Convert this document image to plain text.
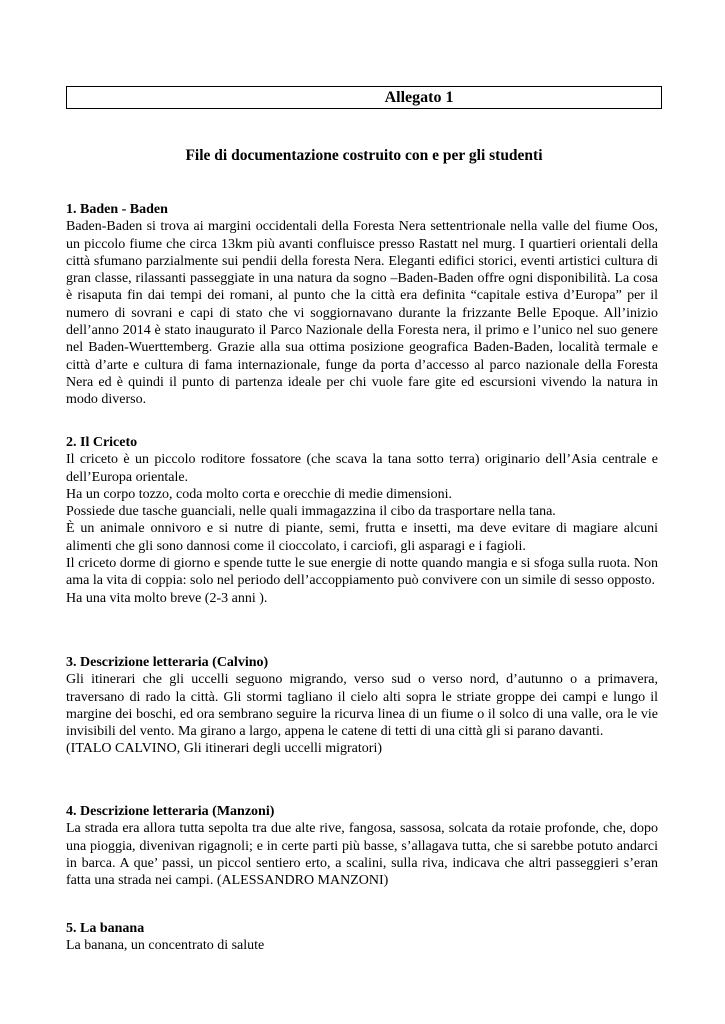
Allegato 1
File di documentazione costruito con e per gli studenti
1. Baden - Baden

Baden-Baden si trova ai margini occidentali della Foresta Nera settentrionale nella valle del fiume Oos, un piccolo fiume che circa 13km più avanti confluisce presso Rastatt nel murg. I quartieri orientali della città sfumano parzialmente sui pendii della foresta Nera. Eleganti edifici storici, eventi artistici cultura di gran classe, rilassanti passeggiate in una natura da sogno –Baden-Baden offre ogni disponibilità. La cosa è risaputa fin dai tempi dei romani, al punto che la città era definita “capitale estiva d’Europa” per il numero di sovrani e capi di stato che vi soggiornavano durante la frizzante Belle Epoque. All’inizio dell’anno 2014 è stato inaugurato il Parco Nazionale della Foresta nera, il primo e l’unico nel suo genere nel Baden-Wuerttemberg. Grazie alla sua ottima posizione geografica Baden-Baden, località termale e città d’arte e cultura di fama internazionale, funge da porta d’accesso al parco nazionale della Foresta Nera ed è quindi il punto di partenza ideale per chi vuole fare gite ed escursioni vivendo la natura in modo diverso.

2. Il Criceto

Il criceto è un piccolo roditore fossatore (che scava la tana sotto terra) originario dell’Asia centrale e dell’Europa orientale.

Ha un corpo tozzo, coda molto corta e orecchie di medie dimensioni.

Possiede due tasche guanciali, nelle quali immagazzina il cibo da trasportare nella tana.

È un animale onnivoro e si nutre di piante, semi, frutta e insetti, ma deve evitare di magiare alcuni alimenti che gli sono dannosi come il cioccolato, i carciofi, gli asparagi e i fagioli.

Il criceto dorme di giorno e spende tutte le sue energie di notte quando mangia e si sfoga sulla ruota. Non ama la vita di coppia: solo nel periodo dell’accoppiamento può convivere con un simile di sesso opposto.

Ha una vita molto breve (2-3 anni ).

3. Descrizione letteraria (Calvino)

Gli itinerari che gli uccelli seguono migrando, verso sud o verso nord, d’autunno o a primavera, traversano di rado la città. Gli stormi tagliano il cielo alti sopra le striate groppe dei campi e lungo il margine dei boschi, ed ora sembrano seguire la ricurva linea di un fiume o il solco di una valle, ora le vie invisibili del vento. Ma girano a largo, appena le catene di tetti di una città gli si parano davanti.

(ITALO CALVINO, Gli itinerari degli uccelli migratori)

4. Descrizione letteraria (Manzoni)

La strada era allora tutta sepolta tra due alte rive, fangosa, sassosa, solcata da rotaie profonde, che, dopo una pioggia, divenivan rigagnoli; e in certe parti più basse, s’allagava tutta, che si sarebbe potuto andarci in barca. A que’ passi, un piccol sentiero erto, a scalini, sulla riva, indicava che altri passeggieri s’eran fatta una strada nei campi. (ALESSANDRO MANZONI)

5. La banana

La banana, un concentrato di salute
